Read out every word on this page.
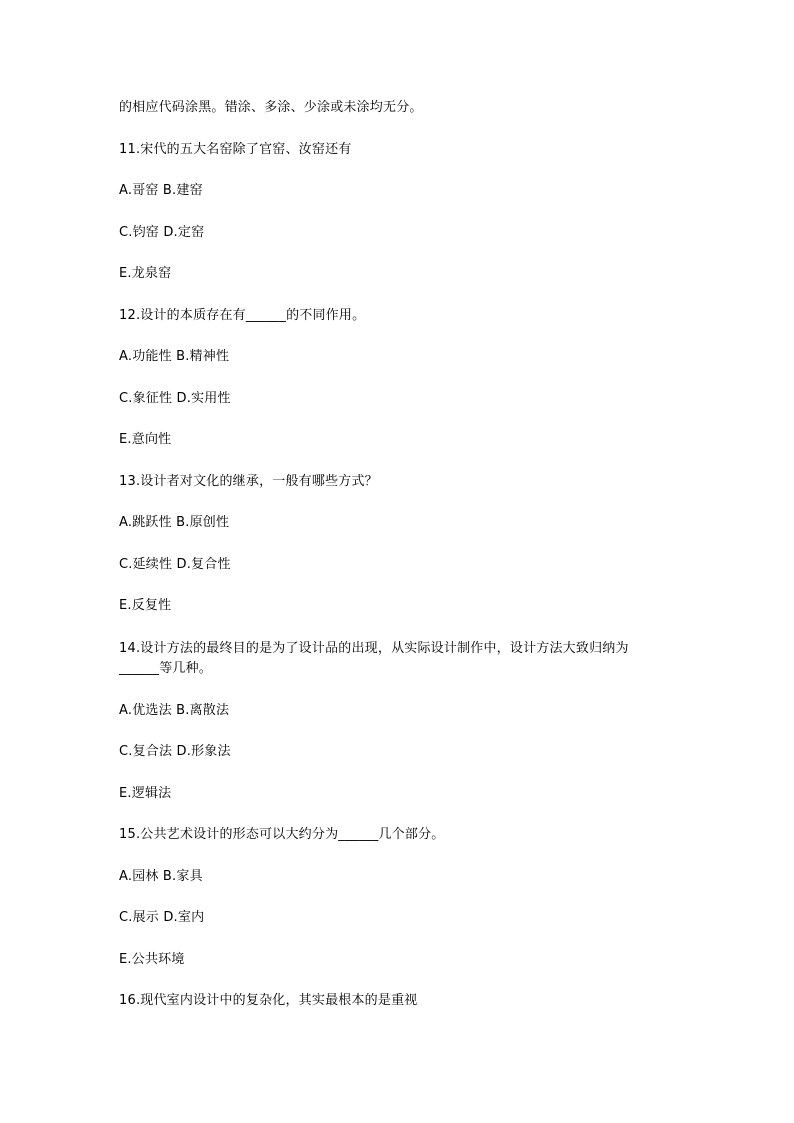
的相应代码涂黑。错涂、多涂、少涂或未涂均无分。
11.宋代的五大名窑除了官窑、汝窑还有
A.哥窑 B.建窑
C.钧窑 D.定窑
E.龙泉窑
12.设计的本质存在有______的不同作用。
A.功能性 B.精神性
C.象征性 D.实用性
E.意向性
13.设计者对文化的继承，一般有哪些方式？
A.跳跃性 B.原创性
C.延续性 D.复合性
E.反复性
14.设计方法的最终目的是为了设计品的出现，从实际设计制作中，设计方法大致归纳为
______等几种。
A.优选法 B.离散法
C.复合法 D.形象法
E.逻辑法
15.公共艺术设计的形态可以大约分为______几个部分。
A.园林 B.家具
C.展示 D.室内
E.公共环境
16.现代室内设计中的复杂化，其实最根本的是重视
